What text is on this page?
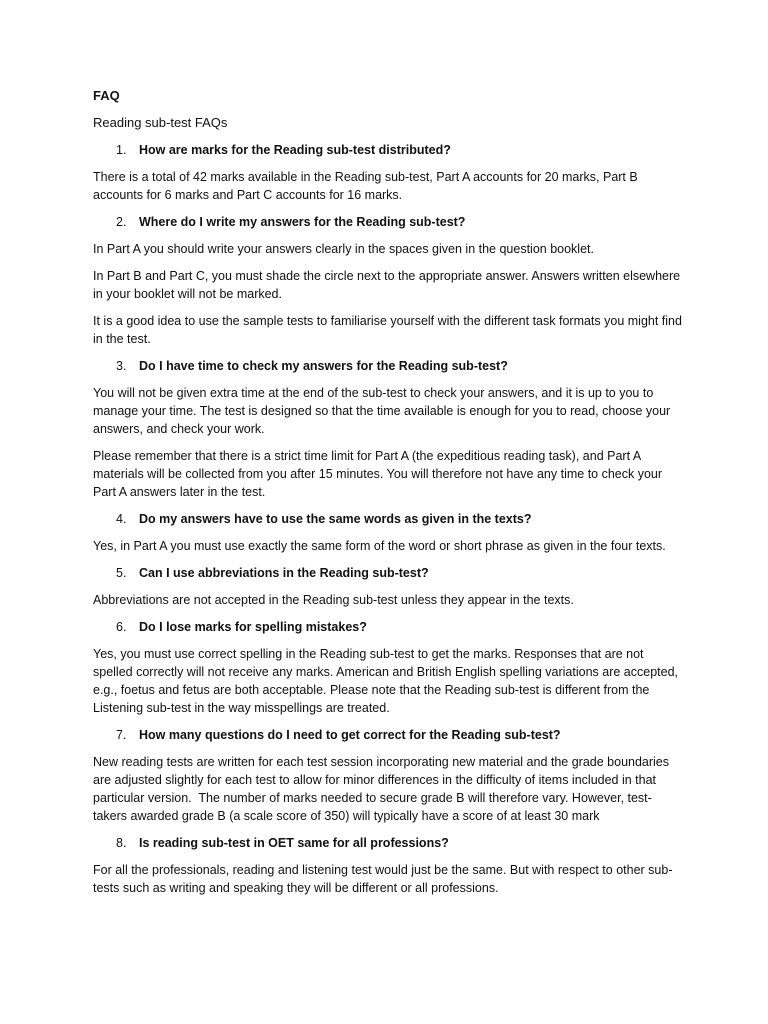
FAQ
Reading sub-test FAQs
1. How are marks for the Reading sub-test distributed?

There is a total of 42 marks available in the Reading sub-test, Part A accounts for 20 marks, Part B accounts for 6 marks and Part C accounts for 16 marks.

2. Where do I write my answers for the Reading sub-test?

In Part A you should write your answers clearly in the spaces given in the question booklet.

In Part B and Part C, you must shade the circle next to the appropriate answer. Answers written elsewhere in your booklet will not be marked.

It is a good idea to use the sample tests to familiarise yourself with the different task formats you might find in the test.

3. Do I have time to check my answers for the Reading sub-test?

You will not be given extra time at the end of the sub-test to check your answers, and it is up to you to manage your time. The test is designed so that the time available is enough for you to read, choose your answers, and check your work.

Please remember that there is a strict time limit for Part A (the expeditious reading task), and Part A materials will be collected from you after 15 minutes. You will therefore not have any time to check your Part A answers later in the test.

4. Do my answers have to use the same words as given in the texts?

Yes, in Part A you must use exactly the same form of the word or short phrase as given in the four texts.

5. Can I use abbreviations in the Reading sub-test?

Abbreviations are not accepted in the Reading sub-test unless they appear in the texts.

6. Do I lose marks for spelling mistakes?

Yes, you must use correct spelling in the Reading sub-test to get the marks. Responses that are not spelled correctly will not receive any marks. American and British English spelling variations are accepted, e.g., foetus and fetus are both acceptable. Please note that the Reading sub-test is different from the Listening sub-test in the way misspellings are treated.

7. How many questions do I need to get correct for the Reading sub-test?

New reading tests are written for each test session incorporating new material and the grade boundaries are adjusted slightly for each test to allow for minor differences in the difficulty of items included in that particular version.  The number of marks needed to secure grade B will therefore vary. However, test-takers awarded grade B (a scale score of 350) will typically have a score of at least 30 mark

8. Is reading sub-test in OET same for all professions?

For all the professionals, reading and listening test would just be the same. But with respect to other sub-tests such as writing and speaking they will be different or all professions.
